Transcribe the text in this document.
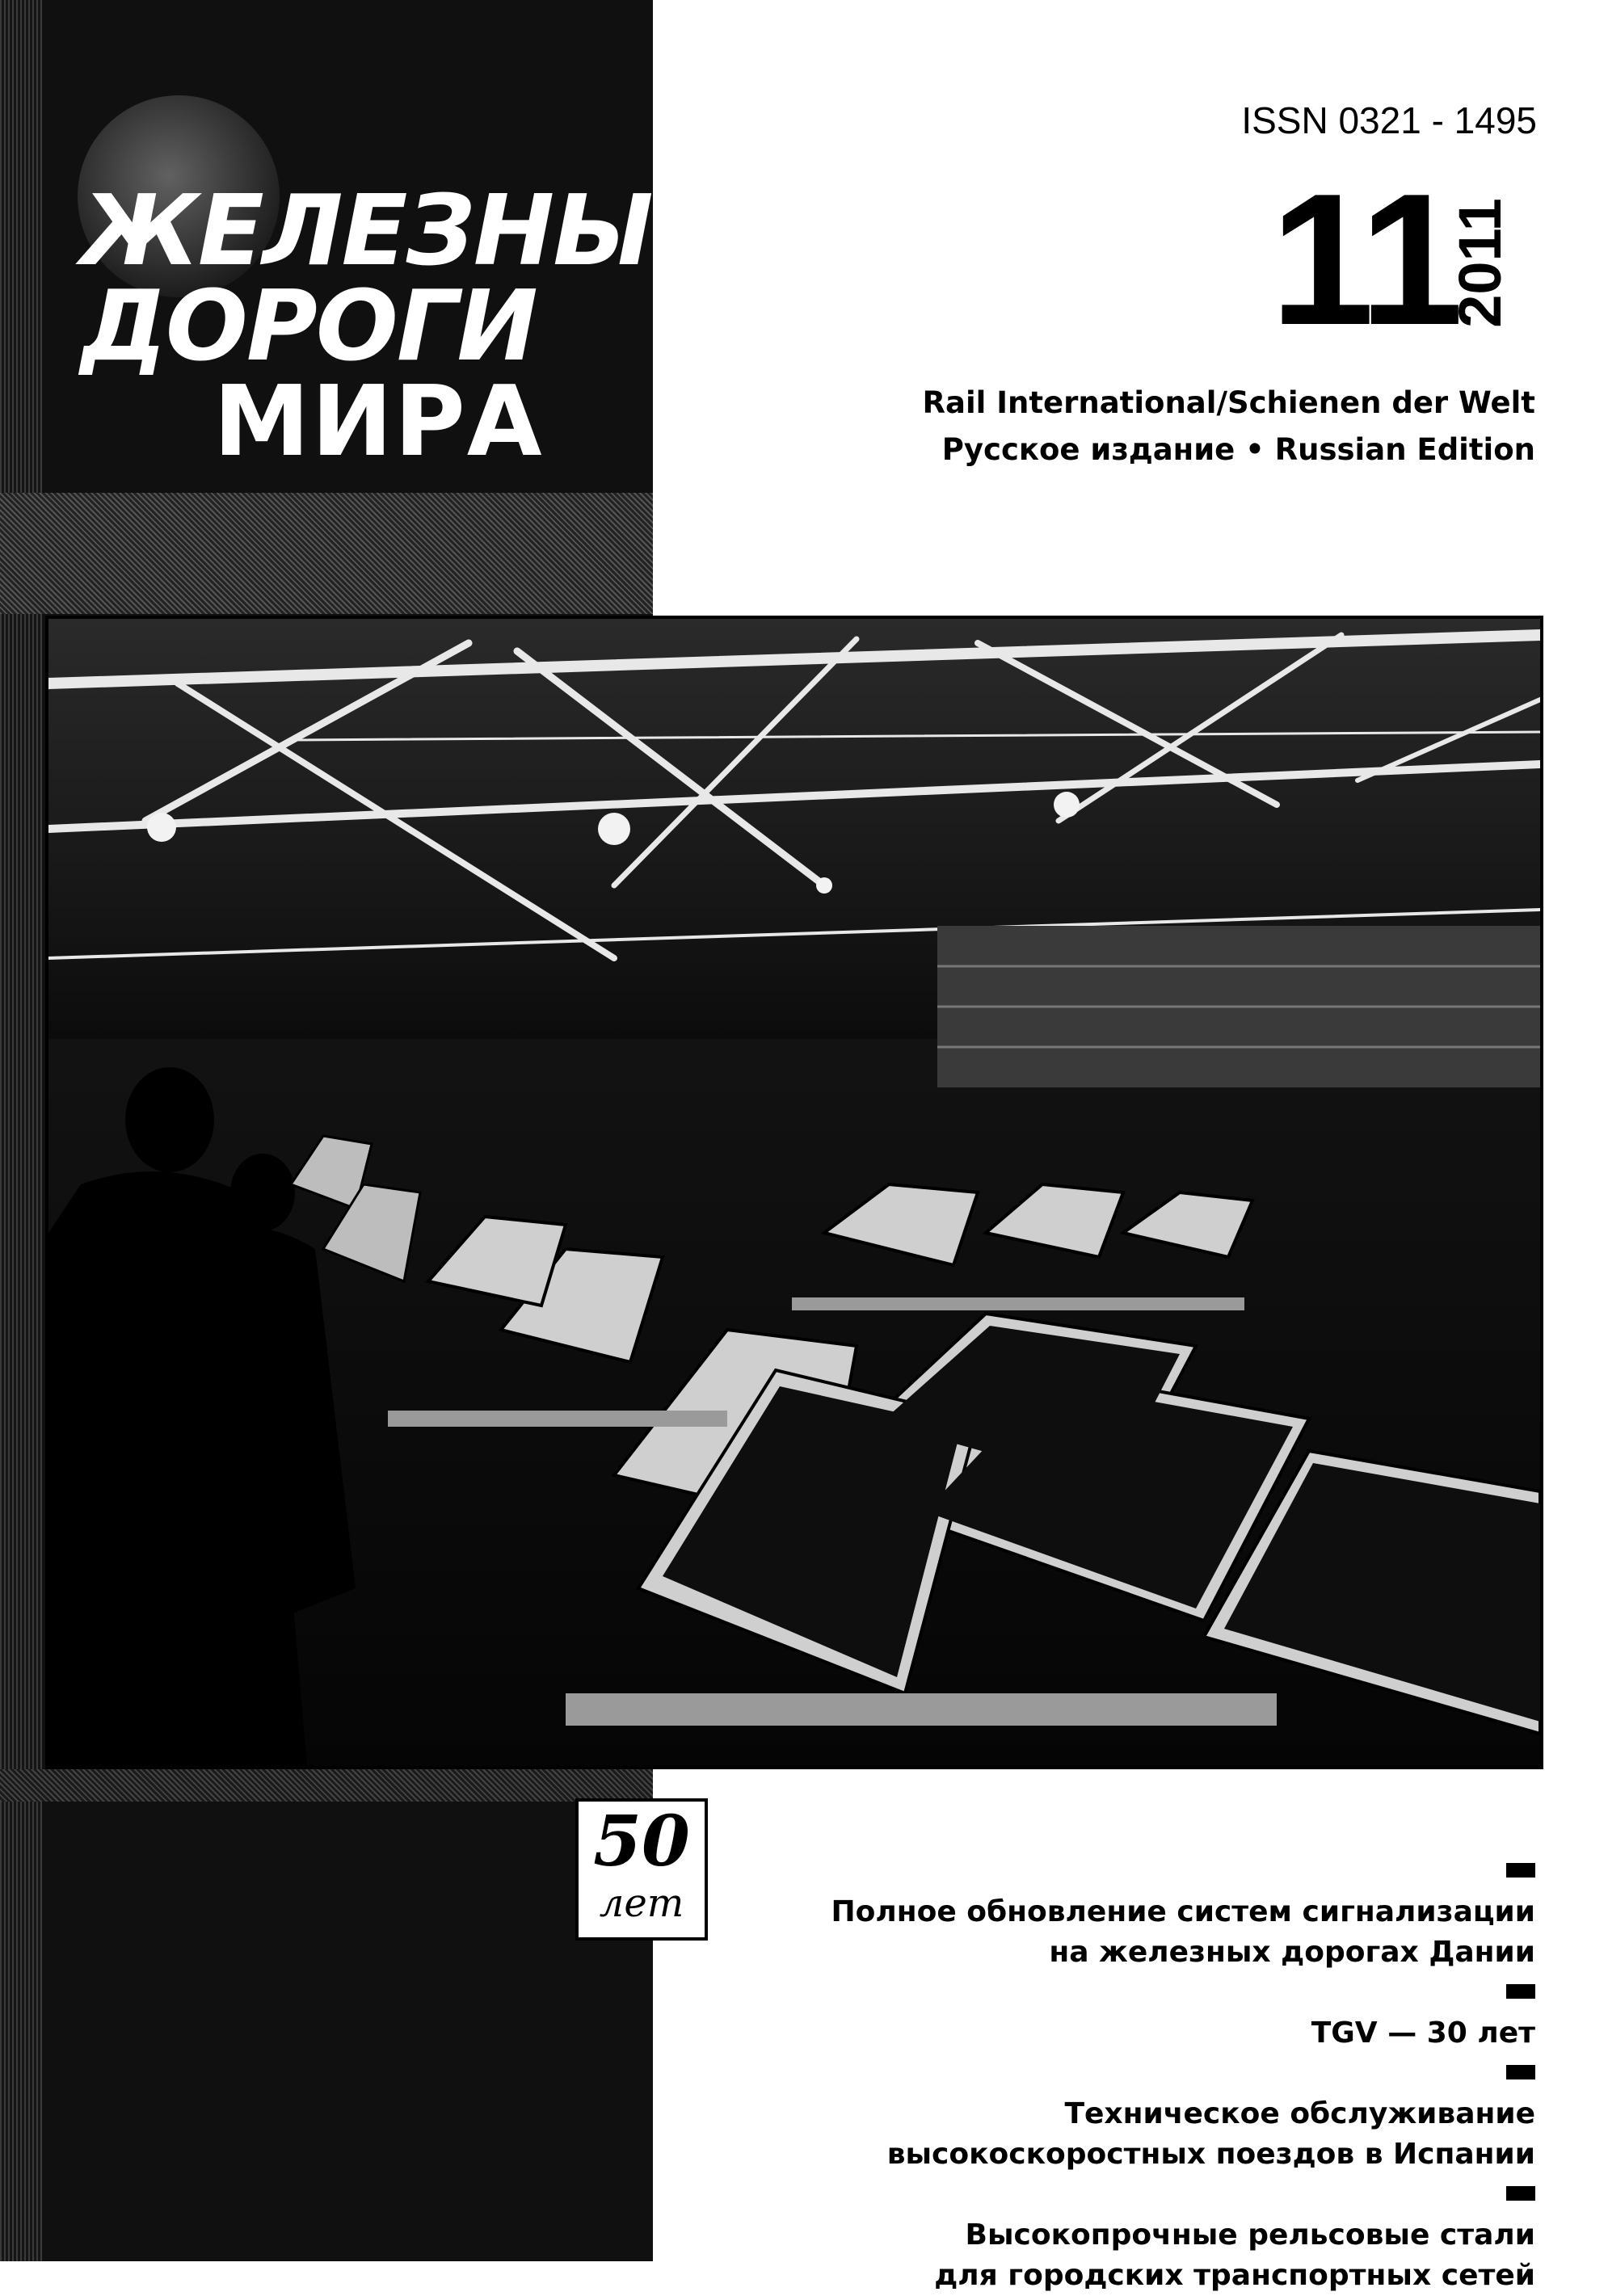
ЖЕЛЕЗНЫЕ
ДОРОГИ
МИРА
ISSN 0321 - 1495
11
2011
Rail International/Schienen der Welt
Русское издание • Russian Edition
50
лет	Полное обновление систем сигнализации
на железных дорогах Дании
TGV — 30 лет
Техническое обслуживание
высокоскоростных поездов в Испании
Высокопрочные рельсовые стали
для городских транспортных сетей
